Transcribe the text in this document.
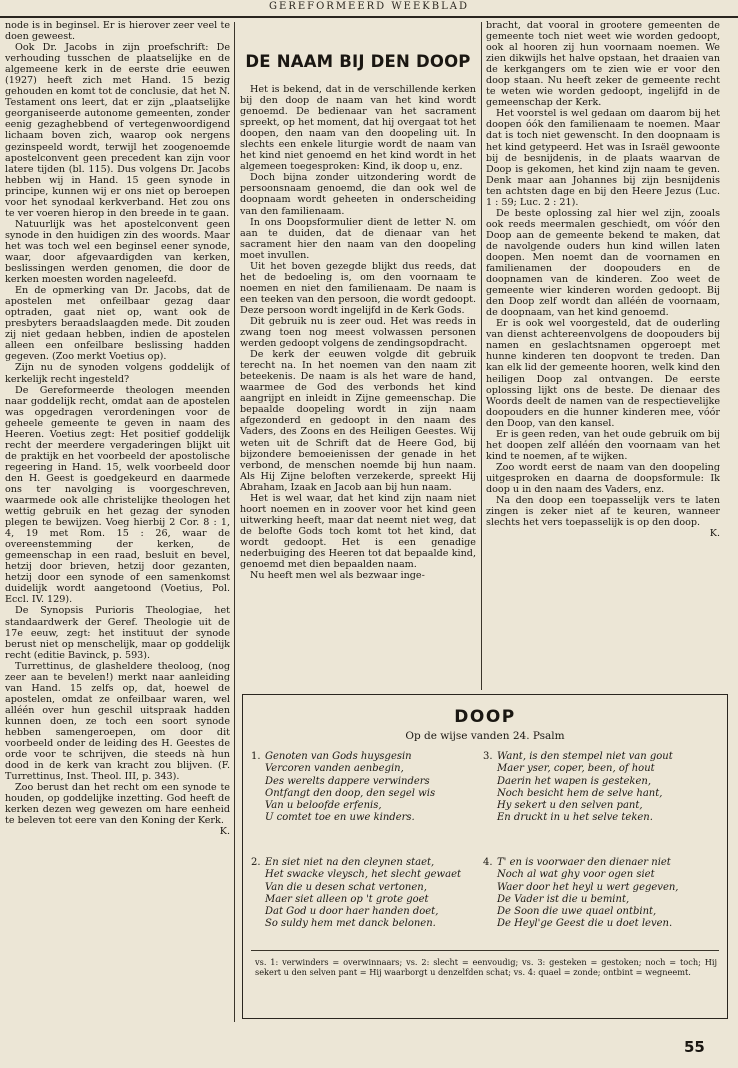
GEREFORMEERD WEEKBLAD

node is in beginsel. Er is hierover zeer veel te doen geweest.

Ook Dr. Jacobs in zijn proefschrift: De verhouding tusschen de plaatselijke en de algemeene kerk in de eerste drie eeuwen (1927) heeft zich met Hand. 15 bezig gehouden en komt tot de conclusie, dat het N. Testament ons leert, dat er zijn „plaatselijke georganiseerde autonome gemeenten, zonder eenig gezaghebbend of vertegenwoordigend lichaam boven zich, waarop ook nergens gezinspeeld wordt, terwijl het zoogenoemde apostelconvent geen precedent kan zijn voor latere tijden (bl. 115). Dus volgens Dr. Jacobs hebben wij in Hand. 15 geen synode in principe, kunnen wij er ons niet op beroepen voor het synodaal kerkverband. Het zou ons te ver voeren hierop in den breede in te gaan.

Natuurlijk was het apostelconvent geen synode in den huidigen zin des woords. Maar het was toch wel een beginsel eener synode, waar, door afgevaardigden van kerken, beslissingen werden genomen, die door de kerken moesten worden nageleefd.

En de opmerking van Dr. Jacobs, dat de apostelen met onfeilbaar gezag daar optraden, gaat niet op, want ook de presbyters beraadslaagden mede. Dit zouden zij niet gedaan hebben, indien de apostelen alleen een onfeilbare beslissing hadden gegeven. (Zoo merkt Voetius op).

Zijn nu de synoden volgens goddelijk of kerkelijk recht ingesteld?

De Gereformeerde theologen meenden naar goddelijk recht, omdat aan de apostelen was opgedragen verordeningen voor de geheele gemeente te geven in naam des Heeren. Voetius zegt: Het positief goddelijk recht der meerdere vergaderingen blijkt uit de praktijk en het voorbeeld der apostolische regeering in Hand. 15, welk voorbeeld door den H. Geest is goedgekeurd en daarmede ons ter navolging is voorgeschreven, waarmede ook alle christelijke theologen het wettig gebruik en het gezag der synoden plegen te bewijzen. Voeg hierbij 2 Cor. 8 : 1, 4, 19 met Rom. 15 : 26, waar de overeenstemming der kerken, de gemeenschap in een raad, besluit en bevel, hetzij door brieven, hetzij door gezanten, hetzij door een synode of een samenkomst duidelijk wordt aangetoond (Voetius, Pol. Eccl. IV. 129).

De Synopsis Purioris Theologiae, het standaardwerk der Geref. Theologie uit de 17e eeuw, zegt: het instituut der synode berust niet op menschelijk, maar op goddelijk recht (editie Bavinck, p. 593).

Turrettinus, de glasheldere theoloog, (nog zeer aan te bevelen!) merkt naar aanleiding van Hand. 15 zelfs op, dat, hoewel de apostelen, omdat ze onfeilbaar waren, wel alléén over hun geschil uitspraak hadden kunnen doen, ze toch een soort synode hebben samengeroepen, om door dit voorbeeld onder de leiding des H. Geestes de orde voor te schrijven, die steeds nà hun dood in de kerk van kracht zou blijven. (F. Turrettinus, Inst. Theol. III, p. 343).

Zoo berust dan het recht om een synode te houden, op goddelijke inzetting. God heeft de kerken dezen weg gewezen om hare eenheid te beleven tot eere van den Koning der Kerk.

K.

DE NAAM BIJ DEN DOOP

Het is bekend, dat in de verschillende kerken bij den doop de naam van het kind wordt genoemd. De bedienaar van het sacrament spreekt, op het moment, dat hij overgaat tot het doopen, den naam van den doopeling uit. In slechts een enkele liturgie wordt de naam van het kind niet genoemd en het kind wordt in het algemeen toegesproken: Kind, ik doop u, enz.

Doch bijna zonder uitzondering wordt de persoonsnaam genoemd, die dan ook wel de doopnaam wordt geheeten in onderscheiding van den familienaam.

In ons Doopsformulier dient de letter N. om aan te duiden, dat de dienaar van het sacrament hier den naam van den doopeling moet invullen.

Uit het boven gezegde blijkt dus reeds, dat het de bedoeling is, om den voornaam te noemen en niet den familienaam. De naam is een teeken van den persoon, die wordt gedoopt. Deze persoon wordt ingelijfd in de Kerk Gods.

Dit gebruik nu is zeer oud. Het was reeds in zwang toen nog meest volwassen personen werden gedoopt volgens de zendingsopdracht.

De kerk der eeuwen volgde dit gebruik terecht na. In het noemen van den naam zit beteekenis. De naam is als het ware de hand, waarmee de God des verbonds het kind aangrijpt en inleidt in Zijne gemeenschap. Die bepaalde doopeling wordt in zijn naam afgezonderd en gedoopt in den naam des Vaders, des Zoons en des Heiligen Geestes. Wij weten uit de Schrift dat de Heere God, bij bijzondere bemoeienissen der genade in het verbond, de menschen noemde bij hun naam. Als Hij Zijne beloften verzekerde, spreekt Hij Abraham, Izaak en Jacob aan bij hun naam.

Het is wel waar, dat het kind zijn naam niet hoort noemen en in zoover voor het kind geen uitwerking heeft, maar dat neemt niet weg, dat de belofte Gods toch komt tot het kind, dat wordt gedoopt. Het is een genadige nederbuiging des Heeren tot dat bepaalde kind, genoemd met dien bepaalden naam.

Nu heeft men wel als bezwaar inge-

bracht, dat vooral in grootere gemeenten de gemeente toch niet weet wie worden gedoopt, ook al hooren zij hun voornaam noemen. We zien dikwijls het halve opstaan, het draaien van de kerkgangers om te zien wie er voor den doop staan. Nu heeft zeker de gemeente recht te weten wie worden gedoopt, ingelijfd in de gemeenschap der Kerk.

Het voorstel is wel gedaan om daarom bij het doopen óók den familienaam te noemen. Maar dat is toch niet gewenscht. In den doopnaam is het kind getypeerd. Het was in Israël gewoonte bij de besnijdenis, in de plaats waarvan de Doop is gekomen, het kind zijn naam te geven. Denk maar aan Johannes bij zijn besnijdenis ten achtsten dage en bij den Heere Jezus (Luc. 1 : 59; Luc. 2 : 21).

De beste oplossing zal hier wel zijn, zooals ook reeds meermalen geschiedt, om vóór den Doop aan de gemeente bekend te maken, dat de navolgende ouders hun kind willen laten doopen. Men noemt dan de voornamen en familienamen der doopouders en de doopnamen van de kinderen. Zoo weet de gemeente wier kinderen worden gedoopt. Bij den Doop zelf wordt dan alléén de voornaam, de doopnaam, van het kind genoemd.

Er is ook wel voorgesteld, dat de ouderling van dienst achtereenvolgens de doopouders bij namen en geslachtsnamen opgeroept met hunne kinderen ten doopvont te treden. Dan kan elk lid der gemeente hooren, welk kind den heiligen Doop zal ontvangen. De eerste oplossing lijkt ons de beste. De dienaar des Woords deelt de namen van de respectievelijke doopouders en die hunner kinderen mee, vóór den Doop, van den kansel.

Er is geen reden, van het oude gebruik om bij het doopen zelf alléén den voornaam van het kind te noemen, af te wijken.

Zoo wordt eerst de naam van den doopeling uitgesproken en daarna de doopsformule: Ik doop u in den naam des Vaders, enz.

Na den doop een toepasselijk vers te laten zingen is zeker niet af te keuren, wanneer slechts het vers toepasselijk is op den doop.

K.

DOOP
Op de wijse vanden 24. Psalm
1. Genoten van Gods huysgesin
Vercoren vanden aenbegin,
Des werelts dappere verwinders
Ontfangt den doop, den segel wis
Van u beloofde erfenis,
U comtet toe en uwe kinders.
2. En siet niet na den cleynen staet,
Het swacke vleysch, het slecht gewaet
Van die u desen schat vertonen,
Maer siet alleen op 't grote goet
Dat God u door haer handen doet,
So suldy hem met danck belonen.
3. Want, is den stempel niet van gout
Maer yser, coper, been, of hout
Daerin het wapen is gesteken,
Noch besicht hem de selve hant,
Hy sekert u den selven pant,
En druckt in u het selve teken.
4. T' en is voorwaer den dienaer niet
Noch al wat ghy voor ogen siet
Waer door het heyl u wert gegeven,
De Vader ist die u bemint,
De Soon die uwe quael ontbint,
De Heyl'ge Geest die u doet leven.
vs. 1: verwinders = overwinnaars; vs. 2: slecht = eenvoudig; vs. 3: gesteken = gestoken; noch = toch; Hij sekert u den selven pant = Hij waarborgt u denzelfden schat; vs. 4: quael = zonde; ontbint = wegneemt.
55
